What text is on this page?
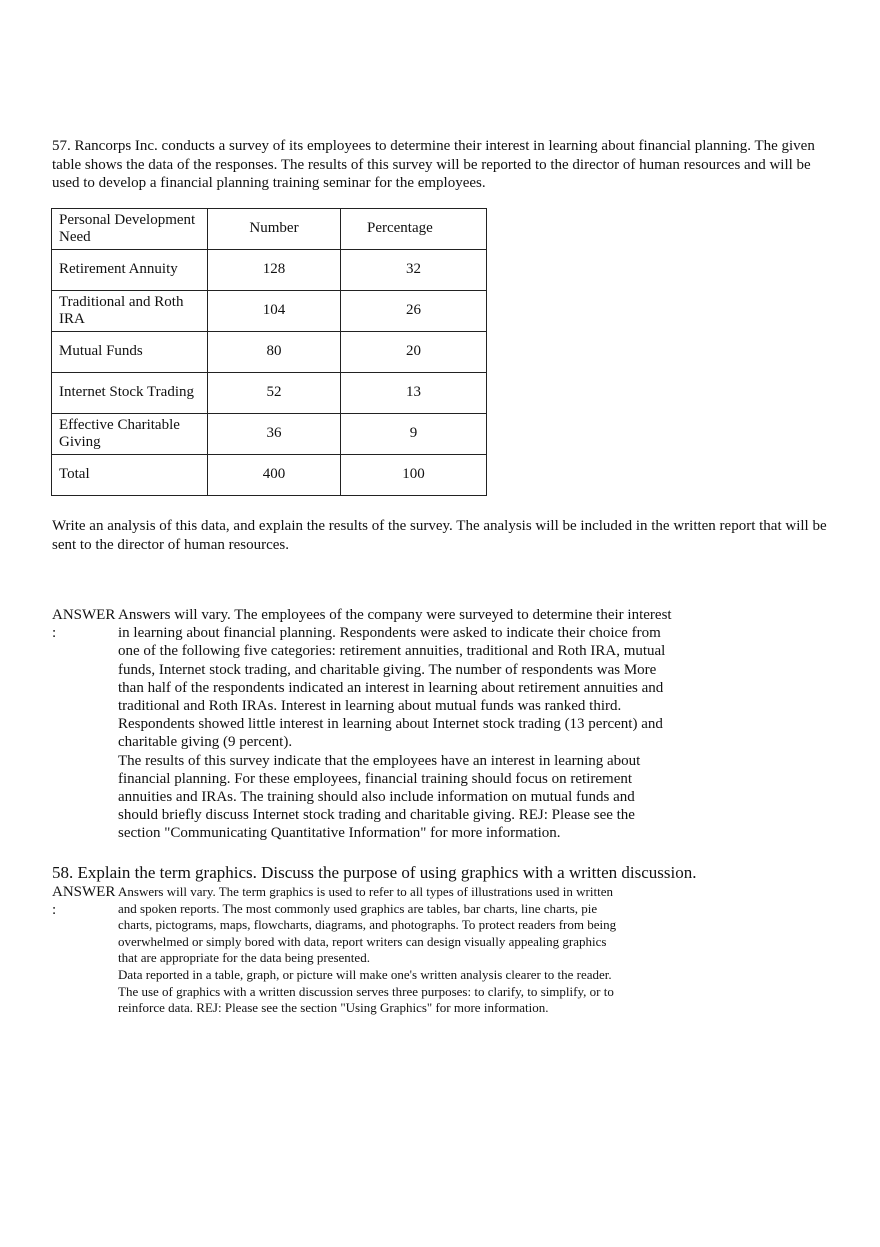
57. Rancorps Inc. conducts a survey of its employees to determine their interest in learning about financial planning. The given table shows the data of the responses. The results of this survey will be reported to the director of human resources and will be used to develop a financial planning training seminar for the employees.
Personal Development Need	Number	Percentage
Retirement Annuity	128	32
Traditional and Roth IRA	104	26
Mutual Funds	80	20
Internet Stock Trading	52	13
Effective Charitable Giving	36	9
Total	400	100
Write an analysis of this data, and explain the results of the survey. The analysis will be included in the written report that will be sent to the director of human resources.
ANSWER
:

Answers will vary. The employees of the company were surveyed to determine their interest in learning about financial planning. Respondents were asked to indicate their choice from one of the following five categories: retirement annuities, traditional and Roth IRA, mutual funds, Internet stock trading, and charitable giving. The number of respondents was More than half of the respondents indicated an interest in learning about retirement annuities and traditional and Roth IRAs. Interest in learning about mutual funds was ranked third. Respondents showed little interest in learning about Internet stock trading (13 percent) and charitable giving (9 percent).

The results of this survey indicate that the employees have an interest in learning about financial planning. For these employees, financial training should focus on retirement annuities and IRAs. The training should also include information on mutual funds and should briefly discuss Internet stock trading and charitable giving. REJ: Please see the section "Communicating Quantitative Information" for more information.

58. Explain the term graphics. Discuss the purpose of using graphics with a written discussion.
ANSWER
:

Answers will vary. The term graphics is used to refer to all types of illustrations used in written and spoken reports. The most commonly used graphics are tables, bar charts, line charts, pie charts, pictograms, maps, flowcharts, diagrams, and photographs. To protect readers from being overwhelmed or simply bored with data, report writers can design visually appealing graphics that are appropriate for the data being presented.

Data reported in a table, graph, or picture will make one's written analysis clearer to the reader.

The use of graphics with a written discussion serves three purposes: to clarify, to simplify, or to reinforce data. REJ: Please see the section "Using Graphics" for more information.
